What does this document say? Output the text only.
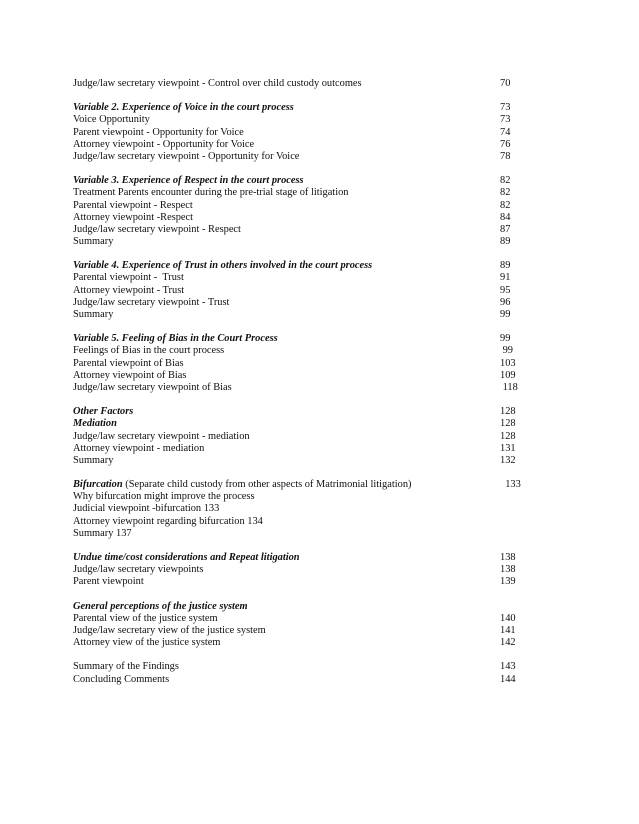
Judge/law secretary viewpoint - Control over child custody outcomes	70
Variable 2. Experience of Voice in the court process	73
Voice Opportunity	73
Parent viewpoint - Opportunity for Voice	74
Attorney viewpoint - Opportunity for Voice	76
Judge/law secretary viewpoint - Opportunity for Voice	78
Variable 3. Experience of Respect in the court process	82
Treatment Parents encounter during the pre-trial stage of litigation	82
Parental viewpoint - Respect	82
Attorney viewpoint -Respect	84
Judge/law secretary viewpoint - Respect	87
Summary	89
Variable 4. Experience of Trust in others involved in the court process	89
Parental viewpoint -  Trust	91
Attorney viewpoint - Trust	95
Judge/law secretary viewpoint - Trust	96
Summary	99
Variable 5. Feeling of Bias in the Court Process	99
Feelings of Bias in the court process	99
Parental viewpoint of Bias	103
Attorney viewpoint of Bias	109
Judge/law secretary viewpoint of Bias	118
Other Factors	128
Mediation	128
Judge/law secretary viewpoint - mediation	128
Attorney viewpoint - mediation	131
Summary	132
Bifurcation (Separate child custody from other aspects of Matrimonial litigation)	133
Why bifurcation might improve the process
Judicial viewpoint -bifurcation 133
Attorney viewpoint regarding bifurcation 134
Summary 137
Undue time/cost considerations and Repeat litigation	138
Judge/law secretary viewpoints	138
Parent viewpoint	139
General perceptions of the justice system
Parental view of the justice system	140
Judge/law secretary view of the justice system	141
Attorney view of the justice system	142
Summary of the Findings	143
Concluding Comments	144
